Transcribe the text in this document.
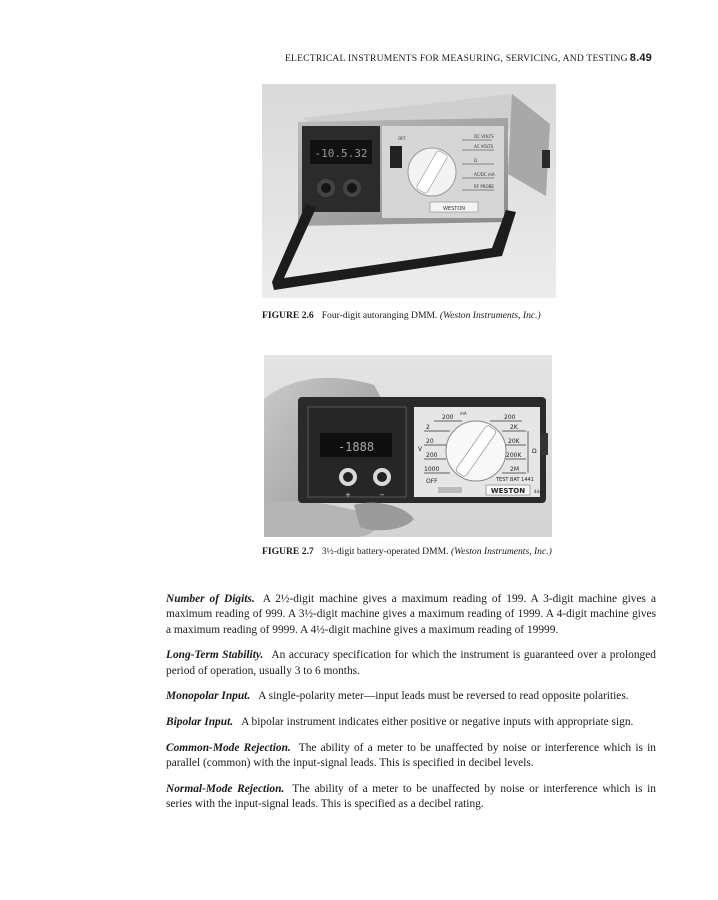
ELECTRICAL INSTRUMENTS FOR MEASURING, SERVICING, AND TESTING 8.49
-10.5.32
OFF	DC VOLTS
AC VOLTS
Ω
AC/DC mA
RF PROBE
WESTON
FIGURE 2.6 Four-digit autoranging DMM. (Weston Instruments, Inc.)
-1888
+	−
200	200
2
20
200
1000
OFF
2K
20K
200K
2M
V
mA
Ω
TEST BAT 1441
WESTON 4440
FIGURE 2.7 3½-digit battery-operated DMM. (Weston Instruments, Inc.)

Number of Digits. A 2½-digit machine gives a maximum reading of 199. A 3-digit machine gives a maximum reading of 999. A 3½-digit machine gives a maximum reading of 1999. A 4-digit machine gives a maximum reading of 9999. A 4½-digit machine gives a maximum reading of 19999.

Long-Term Stability. An accuracy specification for which the instrument is guaranteed over a prolonged period of operation, usually 3 to 6 months.

Monopolar Input. A single-polarity meter—input leads must be reversed to read opposite polarities.

Bipolar Input. A bipolar instrument indicates either positive or negative inputs with appropriate sign.

Common-Mode Rejection. The ability of a meter to be unaffected by noise or interference which is in parallel (common) with the input-signal leads. This is specified in decibel levels.

Normal-Mode Rejection. The ability of a meter to be unaffected by noise or interference which is in series with the input-signal leads. This is specified as a decibel rating.
